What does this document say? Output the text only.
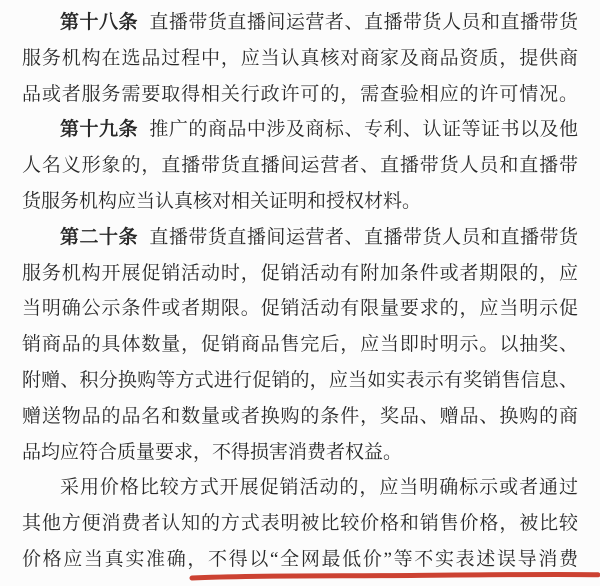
第十八条 直播带货直播间运营者、直播带货人员和直播带货
服务机构在选品过程中，应当认真核对商家及商品资质，提供商
品或者服务需要取得相关行政许可的，需查验相应的许可情况。
第十九条 推广的商品中涉及商标、专利、认证等证书以及他
人名义形象的，直播带货直播间运营者、直播带货人员和直播带
货服务机构应当认真核对相关证明和授权材料。
第二十条 直播带货直播间运营者、直播带货人员和直播带货
服务机构开展促销活动时，促销活动有附加条件或者期限的，应
当明确公示条件或者期限。促销活动有限量要求的，应当明示促
销商品的具体数量，促销商品售完后，应当即时明示。以抽奖、
附赠、积分换购等方式进行促销的，应当如实表示有奖销售信息、
赠送物品的品名和数量或者换购的条件，奖品、赠品、换购的商
品均应符合质量要求，不得损害消费者权益。
采用价格比较方式开展促销活动的，应当明确标示或者通过
其他方便消费者认知的方式表明被比较价格和销售价格，被比较
价格应当真实准确，不得以“全网最低价”等不实表述误导消费
